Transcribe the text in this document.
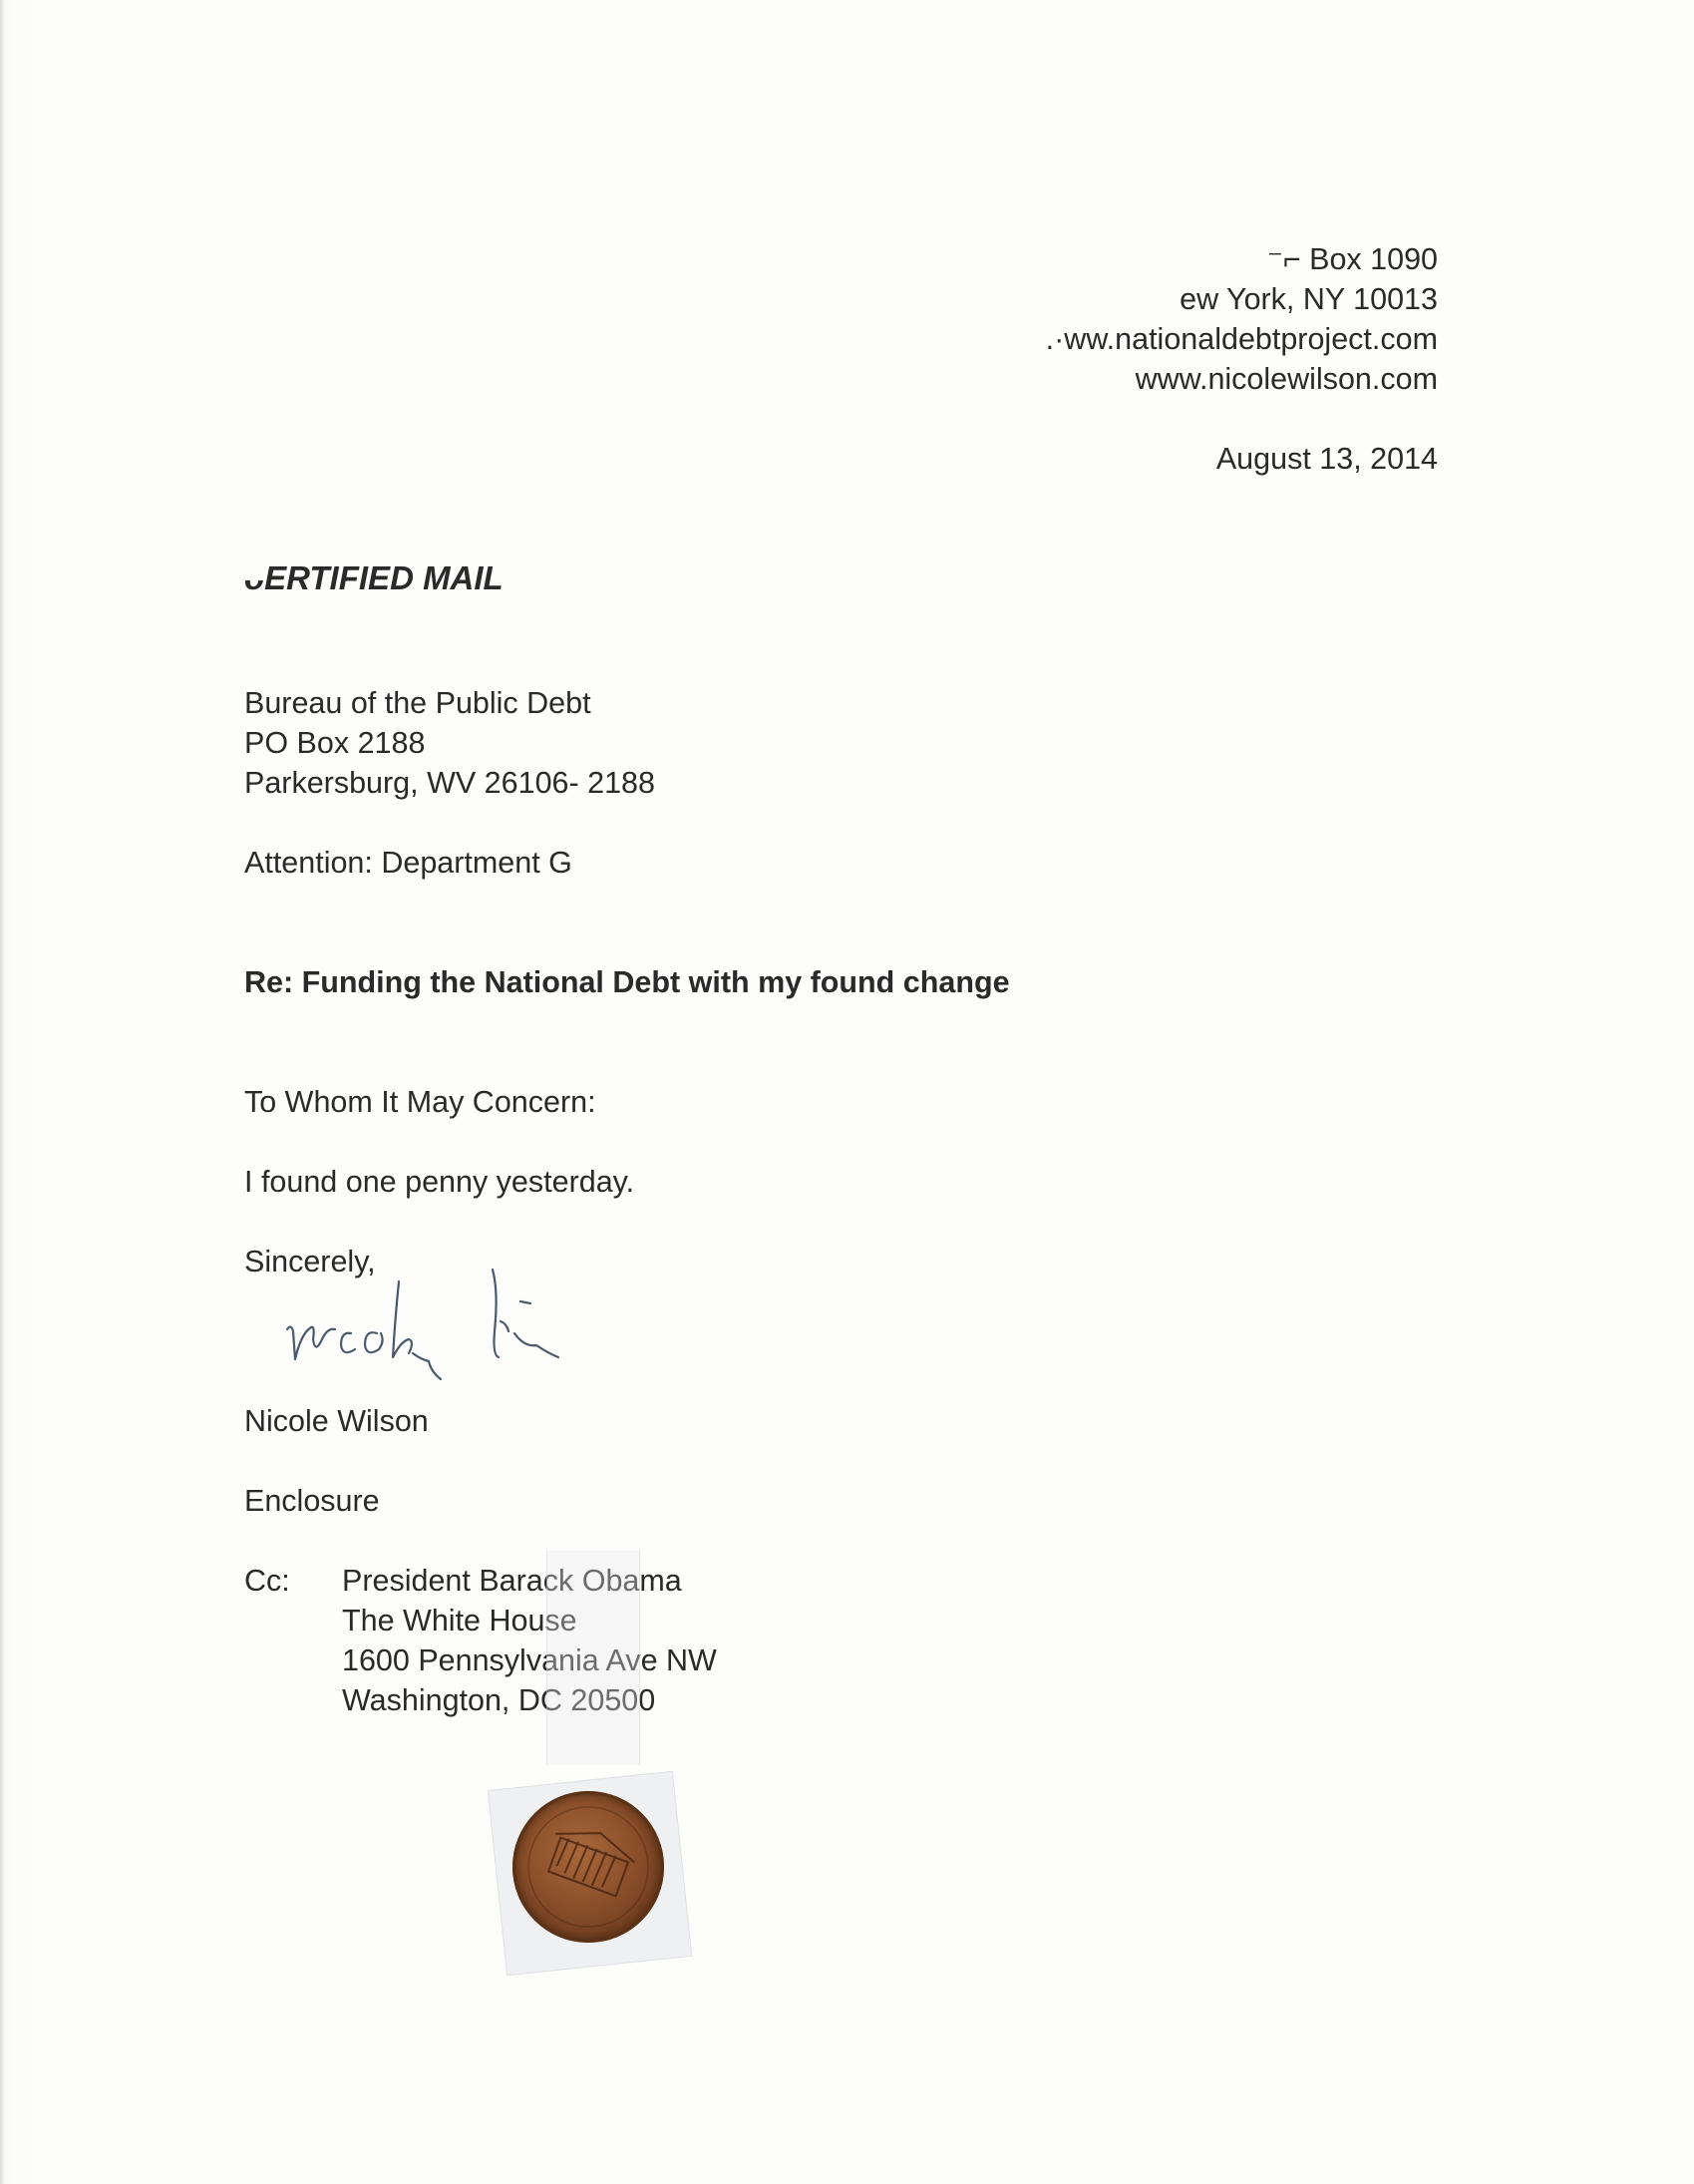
⁻⌐ Box 1090
ew York, NY 10013
.·ww.nationaldebtproject.com
www.nicolewilson.com
August 13, 2014
ᴗERTIFIED MAIL
Bureau of the Public Debt
PO Box 2188
Parkersburg, WV 26106- 2188
Attention: Department G
Re: Funding the National Debt with my found change
To Whom It May Concern:
I found one penny yesterday.
Sincerely,
Nicole Wilson
Enclosure
Cc: President Barack Obama
The White House
1600 Pennsylvania Ave NW
Washington, DC 20500
